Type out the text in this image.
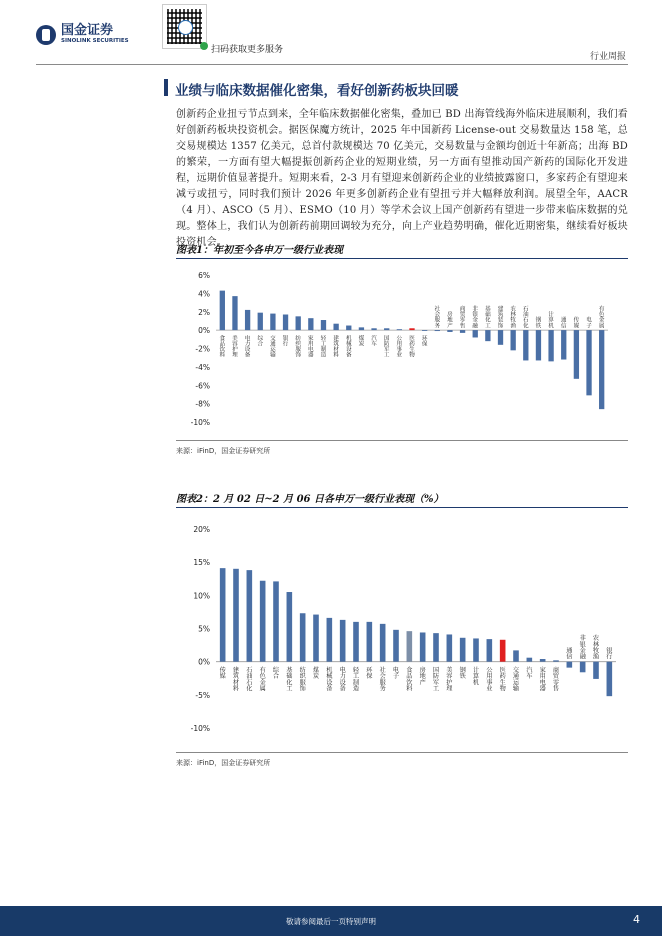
国金证券
SINOLINK SECURITIES
扫码获取更多服务
行业周报
业绩与临床数据催化密集，看好创新药板块回暖
创新药企业扭亏节点到来，全年临床数据催化密集，叠加已 BD 出海管线海外临床进展顺利，我们看好创新药板块投资机会。据医保魔方统计，2025 年中国新药 License-out 交易数量达 158 笔，总交易规模达 1357 亿美元，总首付款规模达 70 亿美元，交易数量与金额均创近十年新高；出海 BD 的繁荣，一方面有望大幅提振创新药企业的短期业绩，另一方面有望推动国产新药的国际化开发进程，远期价值显著提升。短期来看，2-3 月有望迎来创新药企业的业绩披露窗口，多家药企有望迎来减亏或扭亏，同时我们预计 2026 年更多创新药企业有望扭亏并大幅释放利润。展望全年，AACR（4 月）、ASCO（5 月）、ESMO（10 月）等学术会议上国产创新药有望进一步带来临床数据的兑现。整体上，我们认为创新药前期回调较为充分，向上产业趋势明确，催化近期密集，继续看好板块投资机会。
图表1：年初至今各申万一级行业表现
6%
4%
2%
0%
-2%
-4%
-6%
-8%
-10%
食品饮料
美容护理
电力设备
综合
交通运输
银行
纺织服饰
家用电器
轻工制造
建筑材料
机械设备
煤炭
汽车
国防军工
公用事业
医药生物
环保
社会服务
房地产
商贸零售
非银金融
基础化工
建筑装饰
农林牧渔
石油石化
钢铁
计算机
通信
传媒
电子
有色金属
来源：iFinD，国金证券研究所
图表2：2 月 02 日~2 月 06 日各申万一级行业表现（%）
20%
15%
10%
5%
0%
-5%
-10%
传媒
建筑材料
石油石化
有色金属
综合
基础化工
纺织服饰
煤炭
机械设备
电力设备
轻工制造
环保
社会服务
电子
食品饮料
房地产
国防军工
美容护理
钢铁
计算机
公用事业
医药生物
交通运输
汽车
家用电器
商贸零售
通信
非银金融
农林牧渔
银行
来源：iFinD，国金证券研究所
敬请参阅最后一页特别声明	4
